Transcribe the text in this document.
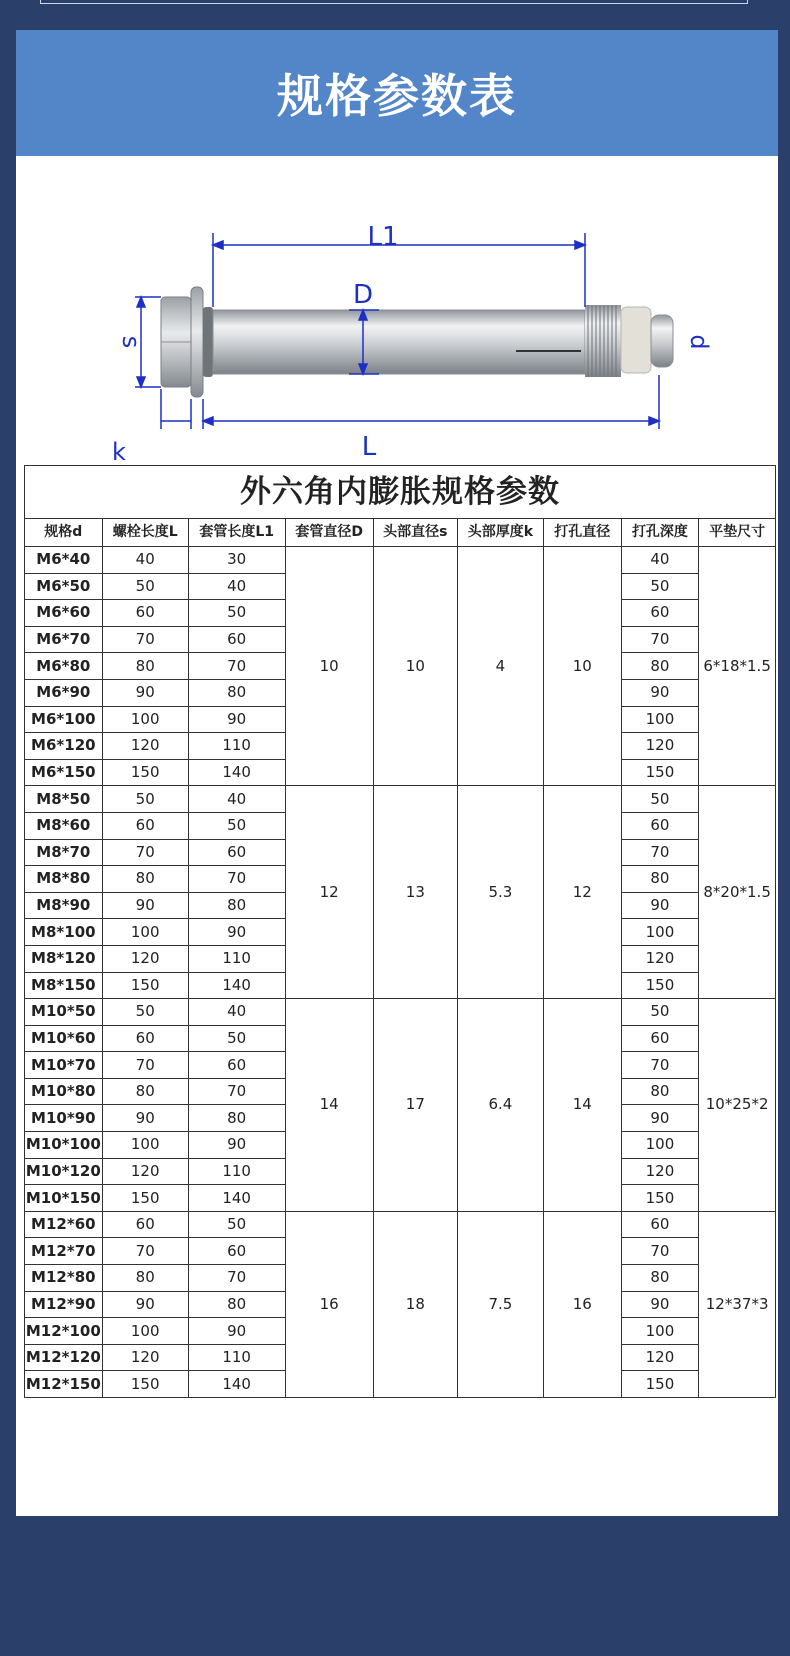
规格参数表
L1
D
s	d
k	L
外六角内膨胀规格参数								
规格d	螺栓长度L	套管长度L1	套管直径D	头部直径s	头部厚度k	打孔直径	打孔深度	平垫尺寸
M6*40	40	30	10	10	4	10	40	6*18*1.5
M6*50	50	40					50	
M6*60	60	50					60	
M6*70	70	60					70	
M6*80	80	70					80	
M6*90	90	80					90	
M6*100	100	90					100	
M6*120	120	110					120	
M6*150	150	140					150	
M8*50	50	40	12	13	5.3	12	50	8*20*1.5
M8*60	60	50					60	
M8*70	70	60					70	
M8*80	80	70					80	
M8*90	90	80					90	
M8*100	100	90					100	
M8*120	120	110					120	
M8*150	150	140					150	
M10*50	50	40	14	17	6.4	14	50	10*25*2
M10*60	60	50					60	
M10*70	70	60					70	
M10*80	80	70					80	
M10*90	90	80					90	
M10*100	100	90					100	
M10*120	120	110					120	
M10*150	150	140					150	
M12*60	60	50	16	18	7.5	16	60	12*37*3
M12*70	70	60					70	
M12*80	80	70					80	
M12*90	90	80					90	
M12*100	100	90					100	
M12*120	120	110					120	
M12*150	150	140					150	
